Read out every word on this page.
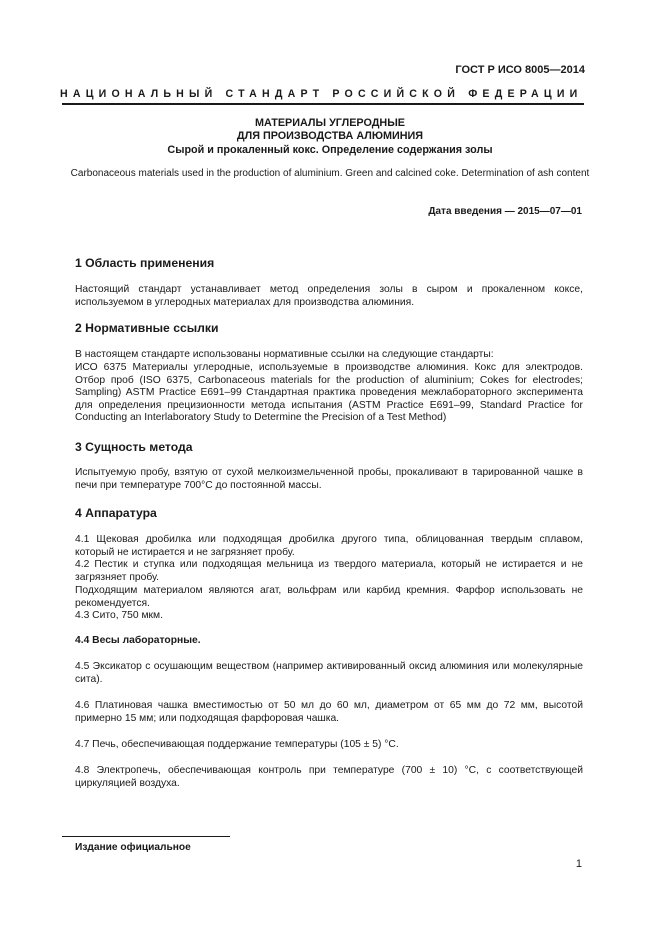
ГОСТ Р ИСО 8005—2014
НАЦИОНАЛЬНЫЙ СТАНДАРТ РОССИЙСКОЙ ФЕДЕРАЦИИ
МАТЕРИАЛЫ УГЛЕРОДНЫЕ
ДЛЯ ПРОИЗВОДСТВА АЛЮМИНИЯ
Сырой и прокаленный кокс. Определение содержания золы
Carbonaceous materials used in the production of aluminium. Green and calcined coke. Determination of ash content
Дата введения — 2015—07—01
1 Область применения
Настоящий стандарт устанавливает метод определения золы в сыром и прокаленном коксе, используемом в углеродных материалах для производства алюминия.
2 Нормативные ссылки
В настоящем стандарте использованы нормативные ссылки на следующие стандарты:
ИСО 6375 Материалы углеродные, используемые в производстве алюминия. Кокс для электродов. Отбор проб (ISO 6375, Carbonaceous materials for the production of aluminium; Cokes for electrodes; Sampling) ASTM Practice E691–99 Стандартная практика проведения межлабораторного эксперимента для определения прецизионности метода испытания (ASTM Practice E691–99, Standard Practice for Conducting an Interlaboratory Study to Determine the Precision of a Test Method)
3 Сущность метода
Испытуемую пробу, взятую от сухой мелкоизмельченной пробы, прокаливают в тарированной чашке в печи при температуре 700°С до постоянной массы.
4 Аппаратура
4.1 Щековая дробилка или подходящая дробилка другого типа, облицованная твердым сплавом, который не истирается и не загрязняет пробу.
4.2 Пестик и ступка или подходящая мельница из твердого материала, который не истирается и не загрязняет пробу.
Подходящим материалом являются агат, вольфрам или карбид кремния. Фарфор использовать не рекомендуется.
4.3 Сито, 750 мкм.
4.4 Весы лабораторные.
4.5 Эксикатор с осушающим веществом (например активированный оксид алюминия или молекулярные сита).
4.6 Платиновая чашка вместимостью от 50 мл до 60 мл, диаметром от 65 мм до 72 мм, высотой примерно 15 мм; или подходящая фарфоровая чашка.
4.7 Печь, обеспечивающая поддержание температуры (105 ± 5) °С.
4.8 Электропечь, обеспечивающая контроль при температуре (700 ± 10) °С, с соответствующей циркуляцией воздуха.
Издание официальное
1
